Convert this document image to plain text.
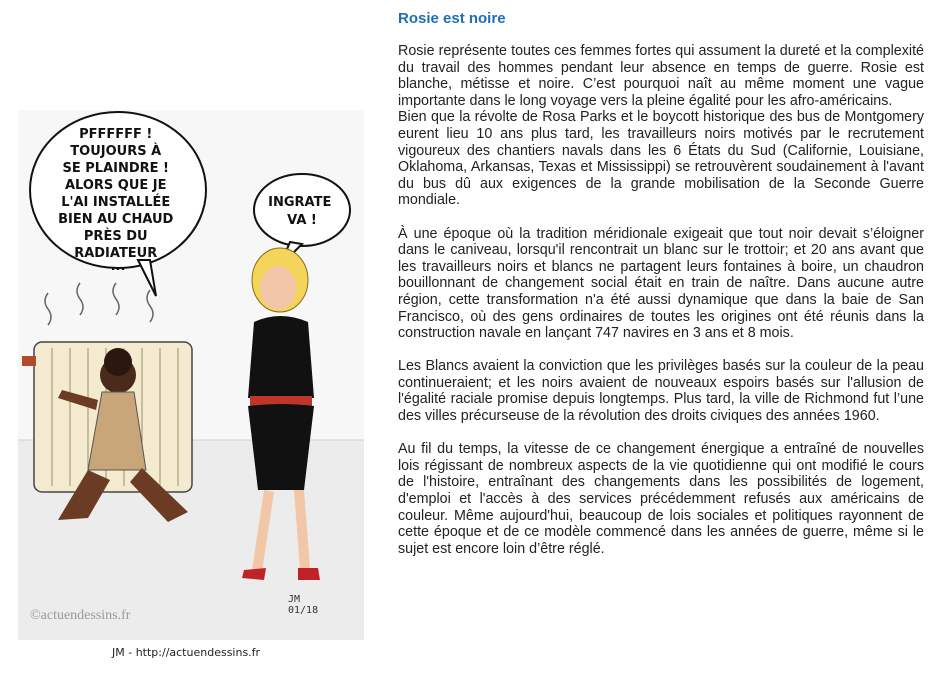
PFFFFFF ! TOUJOURS À SE PLAINDRE ! ALORS QUE JE L'AI INSTALLÉE BIEN AU CHAUD PRÈS DU RADIATEUR ...
INGRATE VA !
©actuendessins.fr
JM
01/18
JM - http://actuendessins.fr
Rosie est noire

Rosie représente toutes ces femmes fortes qui assument la dureté et la complexité du travail des hommes pendant leur absence en temps de guerre. Rosie est blanche, métisse et noire. C’est pourquoi naît au même moment une vague importante dans le long voyage vers la pleine égalité pour les afro-américains.

Bien que la révolte de Rosa Parks et le boycott historique des bus de Montgomery eurent lieu 10 ans plus tard, les travailleurs noirs motivés par le recrutement vigoureux des chantiers navals dans les 6 États du Sud (Californie, Louisiane, Oklahoma, Arkansas, Texas et Mississippi) se retrouvèrent soudainement à l'avant du bus dû aux exigences de la grande mobilisation de la Seconde Guerre mondiale.

À une époque où la tradition méridionale exigeait que tout noir devait s’éloigner dans le caniveau, lorsqu'il rencontrait un blanc sur le trottoir; et 20 ans avant que les travailleurs noirs et blancs ne partagent leurs fontaines à boire, un chaudron bouillonnant de changement social était en train de naître. Dans aucune autre région, cette transformation n'a été aussi dynamique que dans la baie de San Francisco, où des gens ordinaires de toutes les origines ont été réunis dans la construction navale en lançant 747 navires en 3 ans et 8 mois.

Les Blancs avaient la conviction que les privilèges basés sur la couleur de la peau continueraient; et les noirs avaient de nouveaux espoirs basés sur l'allusion de l'égalité raciale promise depuis longtemps. Plus tard, la ville de Richmond fut l’une des villes précurseuse de la révolution des droits civiques des années 1960.

Au fil du temps, la vitesse de ce changement énergique a entraîné de nouvelles lois régissant de nombreux aspects de la vie quotidienne qui ont modifié le cours de l'histoire, entraînant des changements dans les possibilités de logement, d'emploi et l'accès à des services précédemment refusés aux américains de couleur. Même aujourd'hui, beaucoup de lois sociales et politiques rayonnent de cette époque et de ce modèle commencé dans les années de guerre, même si le sujet est encore loin d’être réglé.
